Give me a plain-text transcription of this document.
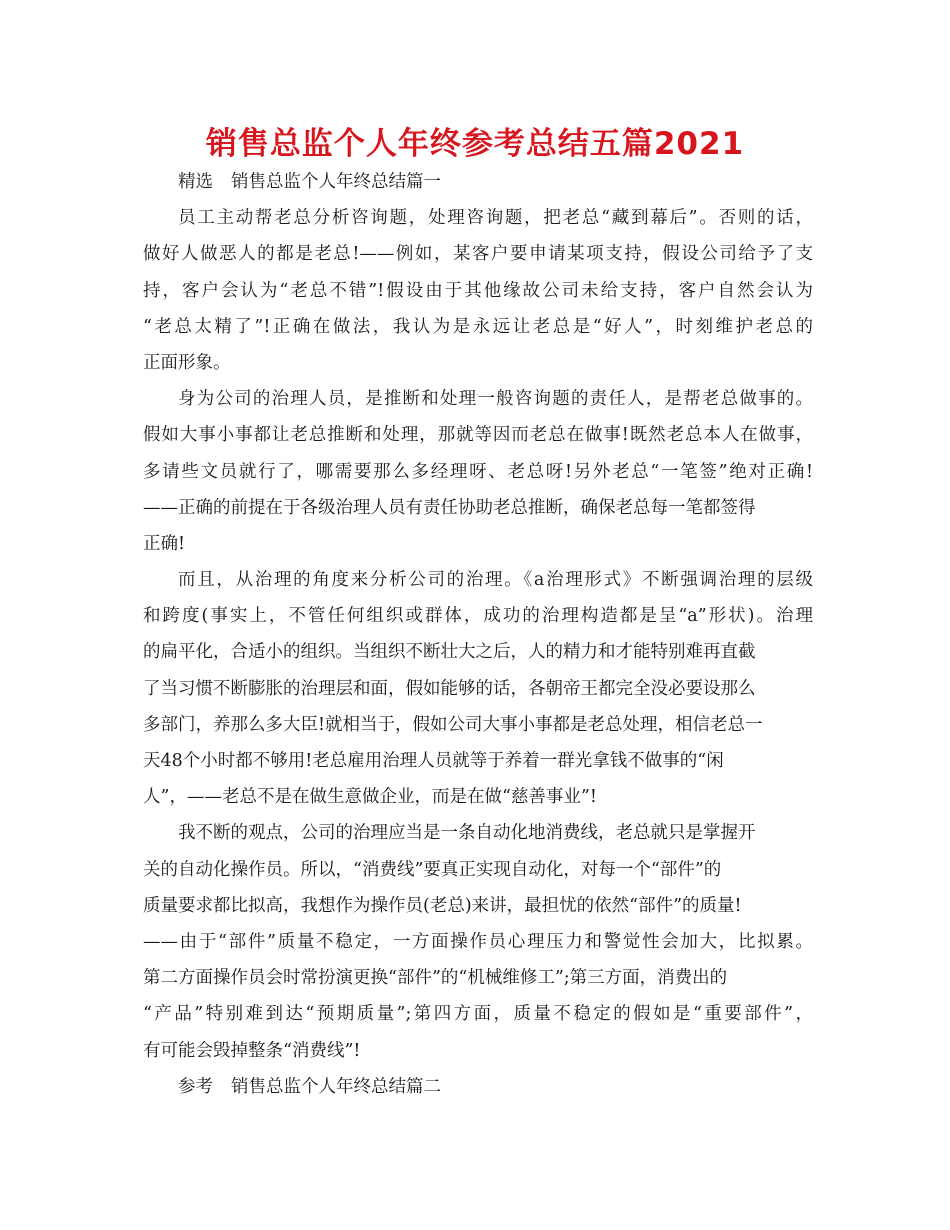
销售总监个人年终参考总结五篇2021
精选 销售总监个人年终总结篇一
员工主动帮老总分析咨询题，处理咨询题，把老总“藏到幕后”。否则的话，
做好人做恶人的都是老总!——例如，某客户要申请某项支持，假设公司给予了支
持，客户会认为“老总不错”!假设由于其他缘故公司未给支持，客户自然会认为
“老总太精了”!正确在做法，我认为是永远让老总是“好人”，时刻维护老总的
正面形象。
身为公司的治理人员，是推断和处理一般咨询题的责任人，是帮老总做事的。
假如大事小事都让老总推断和处理，那就等因而老总在做事!既然老总本人在做事，
多请些文员就行了，哪需要那么多经理呀、老总呀!另外老总“一笔签”绝对正确!
——正确的前提在于各级治理人员有责任协助老总推断，确保老总每一笔都签得
正确!
而且，从治理的角度来分析公司的治理。《a治理形式》不断强调治理的层级
和跨度(事实上，不管任何组织或群体，成功的治理构造都是呈“a”形状)。治理
的扁平化，合适小的组织。当组织不断壮大之后，人的精力和才能特别难再直截
了当习惯不断膨胀的治理层和面，假如能够的话，各朝帝王都完全没必要设那么
多部门，养那么多大臣!就相当于，假如公司大事小事都是老总处理，相信老总一
天48个小时都不够用!老总雇用治理人员就等于养着一群光拿钱不做事的“闲
人”，——老总不是在做生意做企业，而是在做“慈善事业”!
我不断的观点，公司的治理应当是一条自动化地消费线，老总就只是掌握开
关的自动化操作员。所以，“消费线”要真正实现自动化，对每一个“部件”的
质量要求都比拟高，我想作为操作员(老总)来讲，最担忧的依然“部件”的质量!
——由于“部件”质量不稳定，一方面操作员心理压力和警觉性会加大，比拟累。
第二方面操作员会时常扮演更换“部件”的“机械维修工”;第三方面，消费出的
“产品”特别难到达“预期质量”;第四方面，质量不稳定的假如是“重要部件”，
有可能会毁掉整条“消费线”!
参考 销售总监个人年终总结篇二
